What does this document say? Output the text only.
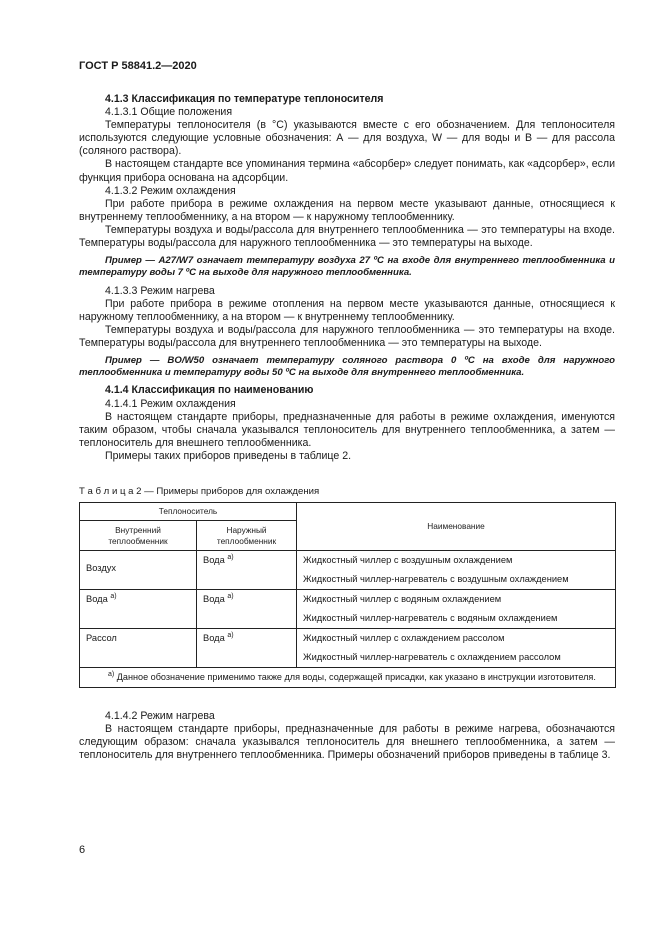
ГОСТ Р 58841.2—2020

4.1.3 Классификация по температуре теплоносителя

4.1.3.1 Общие положения

Температуры теплоносителя (в °С) указываются вместе с его обозначением. Для теплоносителя используются следующие условные обозначения: А — для воздуха, W — для воды и B — для рассола (соляного раствора).

В настоящем стандарте все упоминания термина «абсорбер» следует понимать, как «адсорбер», если функция прибора основана на адсорбции.

4.1.3.2 Режим охлаждения

При работе прибора в режиме охлаждения на первом месте указывают данные, относящиеся к внутреннему теплообменнику, а на втором — к наружному теплообменнику.

Температуры воздуха и воды/рассола для внутреннего теплообменника — это температуры на входе. Температуры воды/рассола для наружного теплообменника — это температуры на выходе.

Пример — A27/W7 означает температуру воздуха 27 ºС на входе для внутреннего теплообменника и температуру воды 7 ºС на выходе для наружного теплообменника.

4.1.3.3 Режим нагрева

При работе прибора в режиме отопления на первом месте указываются данные, относящиеся к наружному теплообменнику, а на втором — к внутреннему теплообменнику.

Температуры воздуха и воды/рассола для наружного теплообменника — это температуры на входе. Температуры воды/рассола для внутреннего теплообменника — это температуры на выходе.

Пример — BO/W50 означает температуру соляного раствора 0 ºС на входе для наружного теплообменника и температуру воды 50 ºС на выходе для внутреннего теплообменника.

4.1.4 Классификация по наименованию

4.1.4.1 Режим охлаждения

В настоящем стандарте приборы, предназначенные для работы в режиме охлаждения, именуются таким образом, чтобы сначала указывался теплоноситель для внутреннего теплообменника, а затем — теплоноситель для внешнего теплообменника.

Примеры таких приборов приведены в таблице 2.

Т а б л и ц а 2 — Примеры приборов для охлаждения
Теплоноситель		Наименование
Внутренний теплообменник	Наружный теплообменник	
Воздух	Вода $^{а)}$	Жидкостный чиллер с воздушным охлаждением
Жидкостный чиллер-нагреватель с воздушным охлаждением

Вода $^{а)}$	Вода $^{а)}$	Жидкостный чиллер с водяным охлаждением
Жидкостный чиллер-нагреватель с водяным охлаждением

Рассол	Вода $^{а)}$	Жидкостный чиллер с охлаждением рассолом
Жидкостный чиллер-нагреватель с охлаждением рассолом

$^{а)}$ Данное обозначение применимо также для воды, содержащей присадки, как указано в инструкции изготовителя.		

4.1.4.2 Режим нагрева

В настоящем стандарте приборы, предназначенные для работы в режиме нагрева, обозначаются следующим образом: сначала указывался теплоноситель для внешнего теплообменника, а затем — теплоноситель для внутреннего теплообменника. Примеры обозначений приборов приведены в таблице 3.

6
